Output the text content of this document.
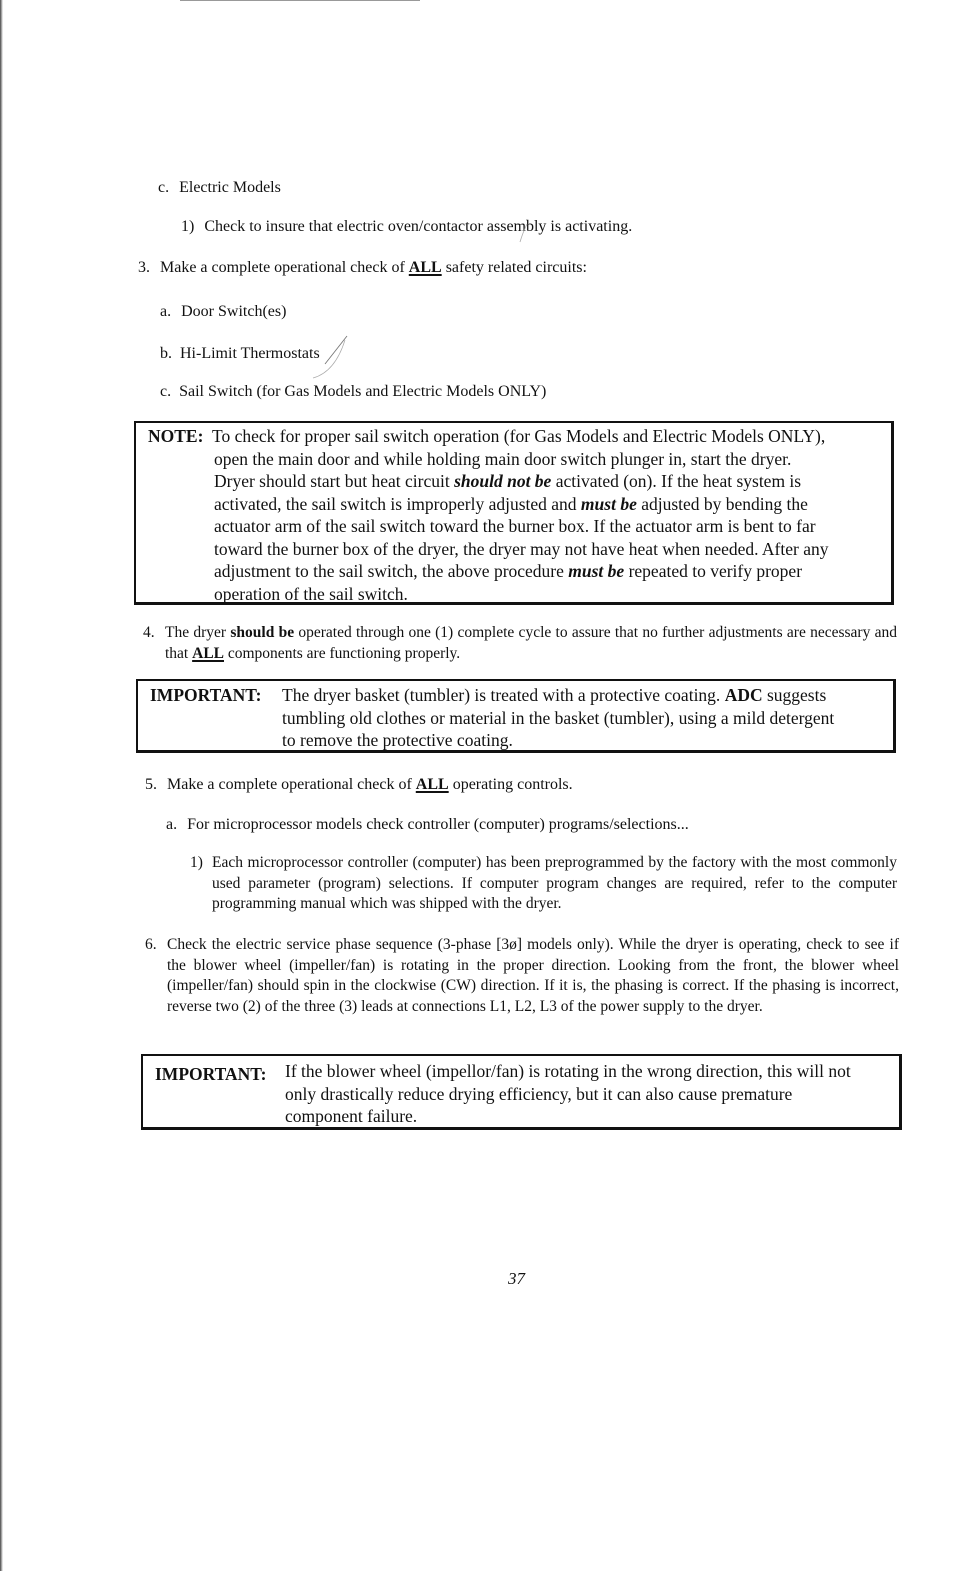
c. Electric Models
1) Check to insure that electric oven/contactor assembly is activating.
3. Make a complete operational check of ALL safety related circuits:
a. Door Switch(es)
b. Hi-Limit Thermostats
c. Sail Switch (for Gas Models and Electric Models ONLY)
NOTE: To check for proper sail switch operation (for Gas Models and Electric Models ONLY),
open the main door and while holding main door switch plunger in, start the dryer.
Dryer should start but heat circuit should not be activated (on). If the heat system is
activated, the sail switch is improperly adjusted and must be adjusted by bending the
actuator arm of the sail switch toward the burner box. If the actuator arm is bent to far
toward the burner box of the dryer, the dryer may not have heat when needed. After any
adjustment to the sail switch, the above procedure must be repeated to verify proper
operation of the sail switch.
4. The dryer should be operated through one (1) complete cycle to assure that no further adjustments are necessary and that ALL components are functioning properly.
IMPORTANT: The dryer basket (tumbler) is treated with a protective coating. ADC suggests
tumbling old clothes or material in the basket (tumbler), using a mild detergent
to remove the protective coating.
5. Make a complete operational check of ALL operating controls.
a. For microprocessor models check controller (computer) programs/selections...
1) Each microprocessor controller (computer) has been preprogrammed by the factory with the most commonly used parameter (program) selections. If computer program changes are required, refer to the computer programming manual which was shipped with the dryer.
6. Check the electric service phase sequence (3-phase [3ø] models only). While the dryer is operating, check to see if the blower wheel (impeller/fan) is rotating in the proper direction. Looking from the front, the blower wheel (impeller/fan) should spin in the clockwise (CW) direction. If it is, the phasing is correct. If the phasing is incorrect, reverse two (2) of the three (3) leads at connections L1, L2, L3 of the power supply to the dryer.
IMPORTANT: If the blower wheel (impellor/fan) is rotating in the wrong direction, this will not
only drastically reduce drying efficiency, but it can also cause premature
component failure.
37
